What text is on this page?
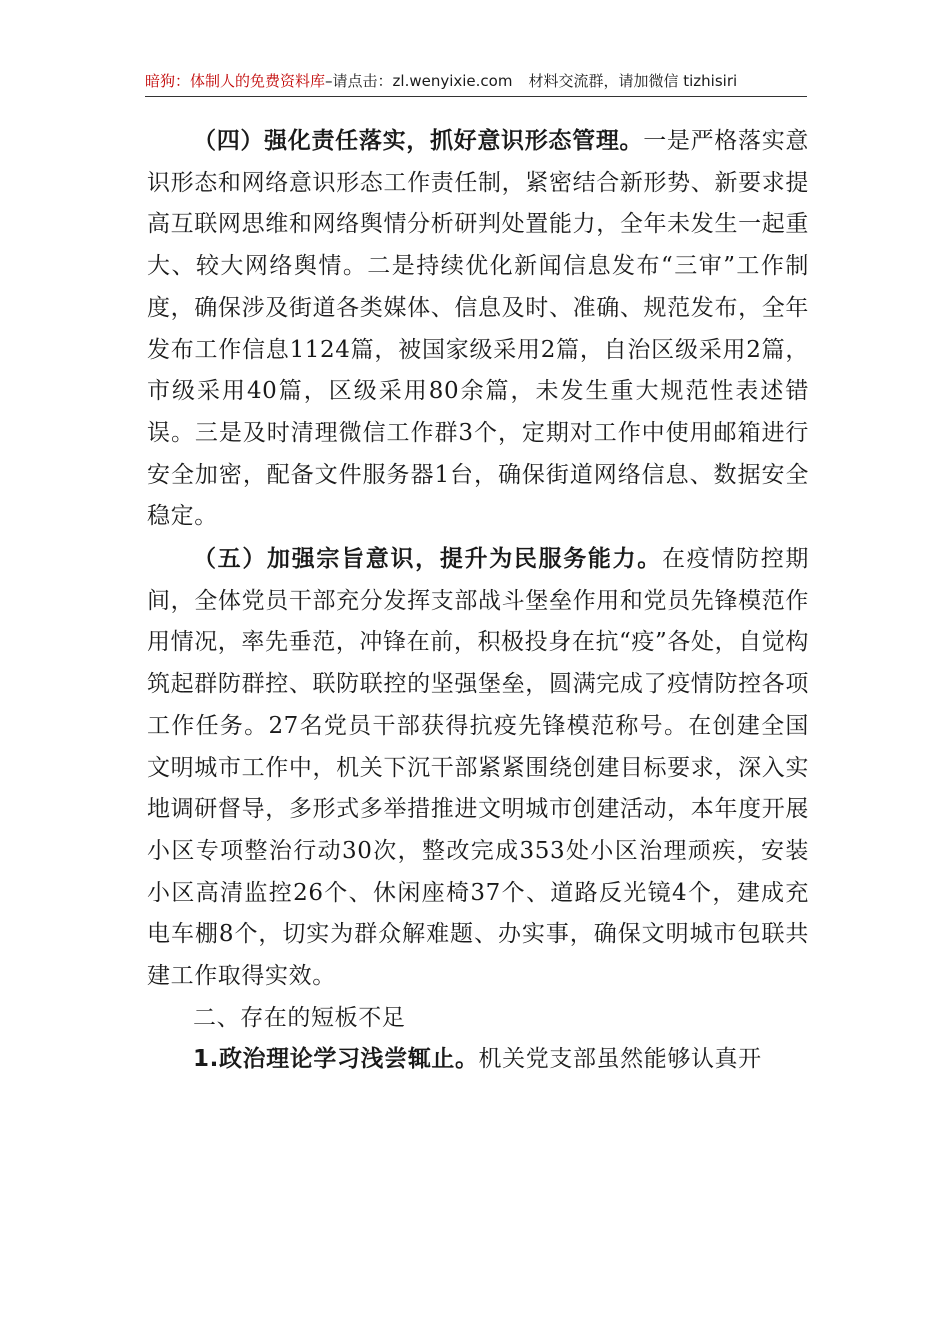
暗狗：体制人的免费资料库–请点击：zl.wenyixie.com 材料交流群，请加微信 tizhisiri

（四）强化责任落实，抓好意识形态管理。一是严格落实意识形态和网络意识形态工作责任制，紧密结合新形势、新要求提高互联网思维和网络舆情分析研判处置能力，全年未发生一起重大、较大网络舆情。二是持续优化新闻信息发布“三审”工作制度，确保涉及街道各类媒体、信息及时、准确、规范发布，全年发布工作信息1124篇，被国家级采用2篇，自治区级采用2篇，市级采用40篇，区级采用80余篇，未发生重大规范性表述错误。三是及时清理微信工作群3个，定期对工作中使用邮箱进行安全加密，配备文件服务器1台，确保街道网络信息、数据安全稳定。

（五）加强宗旨意识，提升为民服务能力。在疫情防控期间，全体党员干部充分发挥支部战斗堡垒作用和党员先锋模范作用情况，率先垂范，冲锋在前，积极投身在抗“疫”各处，自觉构筑起群防群控、联防联控的坚强堡垒，圆满完成了疫情防控各项工作任务。27名党员干部获得抗疫先锋模范称号。在创建全国文明城市工作中，机关下沉干部紧紧围绕创建目标要求，深入实地调研督导，多形式多举措推进文明城市创建活动，本年度开展小区专项整治行动30次，整改完成353处小区治理顽疾，安装小区高清监控26个、休闲座椅37个、道路反光镜4个，建成充电车棚8个，切实为群众解难题、办实事，确保文明城市包联共建工作取得实效。

二、存在的短板不足

1.政治理论学习浅尝辄止。机关党支部虽然能够认真开
